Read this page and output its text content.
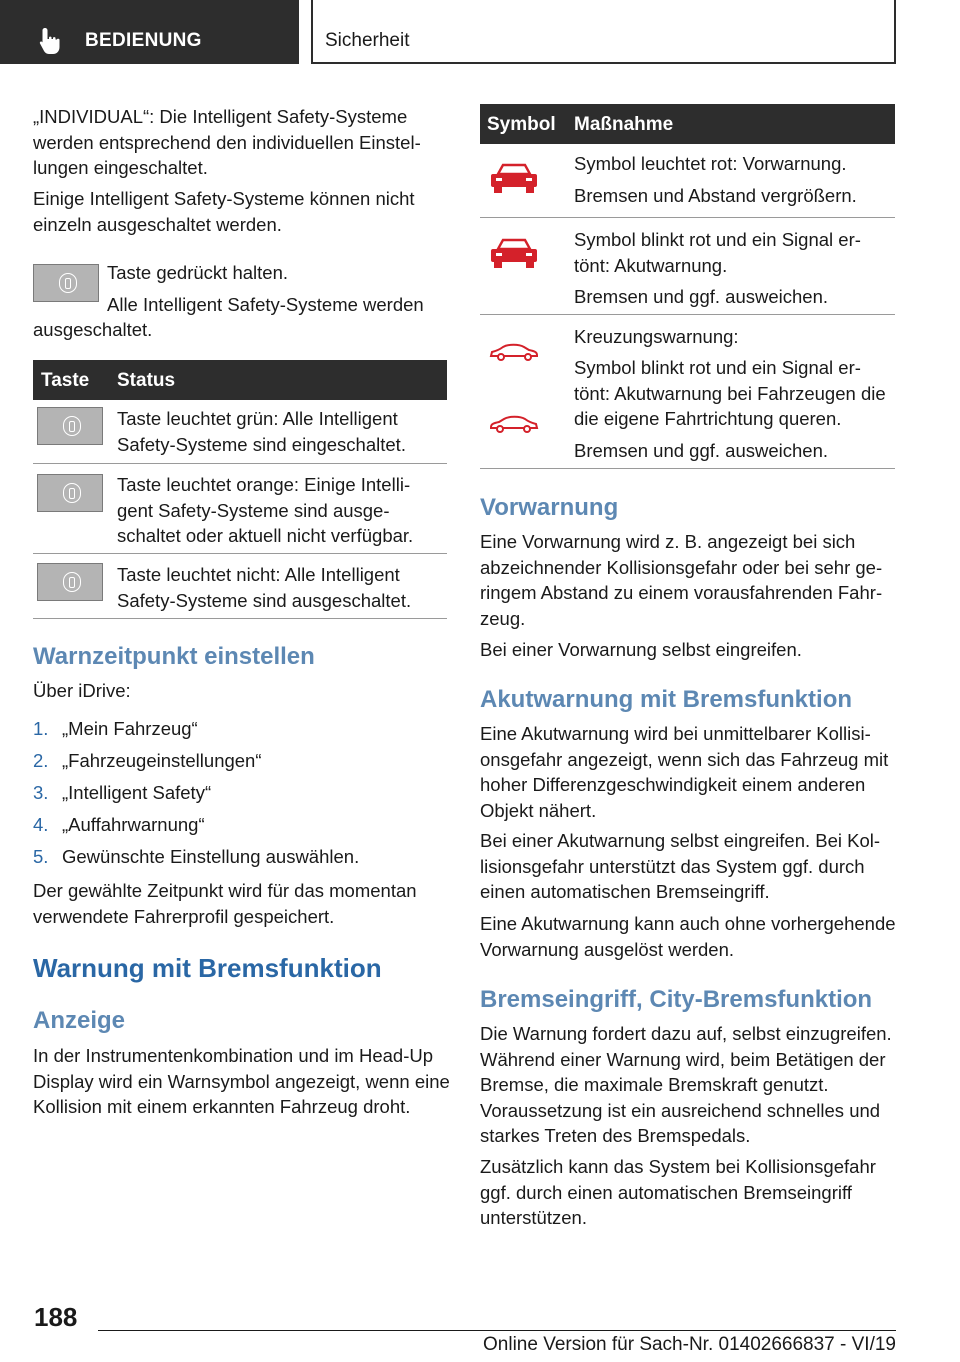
BEDIENUNG	Sicherheit

„INDIVIDUAL“: Die Intelligent Safety-Systeme werden entsprechend den individuellen Einstellungen eingeschaltet.

Einige Intelligent Safety-Systeme können nicht einzeln ausgeschaltet werden.

Taste gedrückt halten.

Alle Intelligent Safety-Systeme werden

ausgeschaltet.

Taste Status

Taste leuchtet grün: Alle Intelligent Safety-Systeme sind eingeschaltet.

Taste leuchtet orange: Einige Intelligent Safety-Systeme sind ausgeschaltet oder aktuell nicht verfügbar.

Taste leuchtet nicht: Alle Intelligent Safety-Systeme sind ausgeschaltet.

Warnzeitpunkt einstellen

Über iDrive:

1. „Mein Fahrzeug“
2. „Fahrzeugeinstellungen“
3. „Intelligent Safety“
4. „Auffahrwarnung“
5. Gewünschte Einstellung auswählen.

Der gewählte Zeitpunkt wird für das momentan verwendete Fahrerprofil gespeichert.

Warnung mit Bremsfunktion
Anzeige

In der Instrumentenkombination und im Head-Up Display wird ein Warnsymbol angezeigt, wenn eine Kollision mit einem erkannten Fahrzeug droht.

Symbol Maßnahme

Symbol leuchtet rot: Vorwarnung.

Bremsen und Abstand vergrößern.

Symbol blinkt rot und ein Signal ertönt: Akutwarnung.

Bremsen und ggf. ausweichen.

Kreuzungswarnung:

Symbol blinkt rot und ein Signal ertönt: Akutwarnung bei Fahrzeugen die die eigene Fahrtrichtung queren.

Bremsen und ggf. ausweichen.

Vorwarnung

Eine Vorwarnung wird z. B. angezeigt bei sich abzeichnender Kollisionsgefahr oder bei sehr geringem Abstand zu einem vorausfahrenden Fahrzeug.

Bei einer Vorwarnung selbst eingreifen.

Akutwarnung mit Bremsfunktion

Eine Akutwarnung wird bei unmittelbarer Kollisionsgefahr angezeigt, wenn sich das Fahrzeug mit hoher Differenzgeschwindigkeit einem anderen Objekt nähert.

Bei einer Akutwarnung selbst eingreifen. Bei Kollisionsgefahr unterstützt das System ggf. durch einen automatischen Bremseingriff.

Eine Akutwarnung kann auch ohne vorhergehende Vorwarnung ausgelöst werden.

Bremseingriff, City-Bremsfunktion

Die Warnung fordert dazu auf, selbst einzugreifen. Während einer Warnung wird, beim Betätigen der Bremse, die maximale Bremskraft genutzt. Voraussetzung ist ein ausreichend schnelles und starkes Treten des Bremspedals.

Zusätzlich kann das System bei Kollisionsgefahr ggf. durch einen automatischen Bremseingriff unterstützen.

188
Online Version für Sach-Nr. 01402666837 - VI/19
